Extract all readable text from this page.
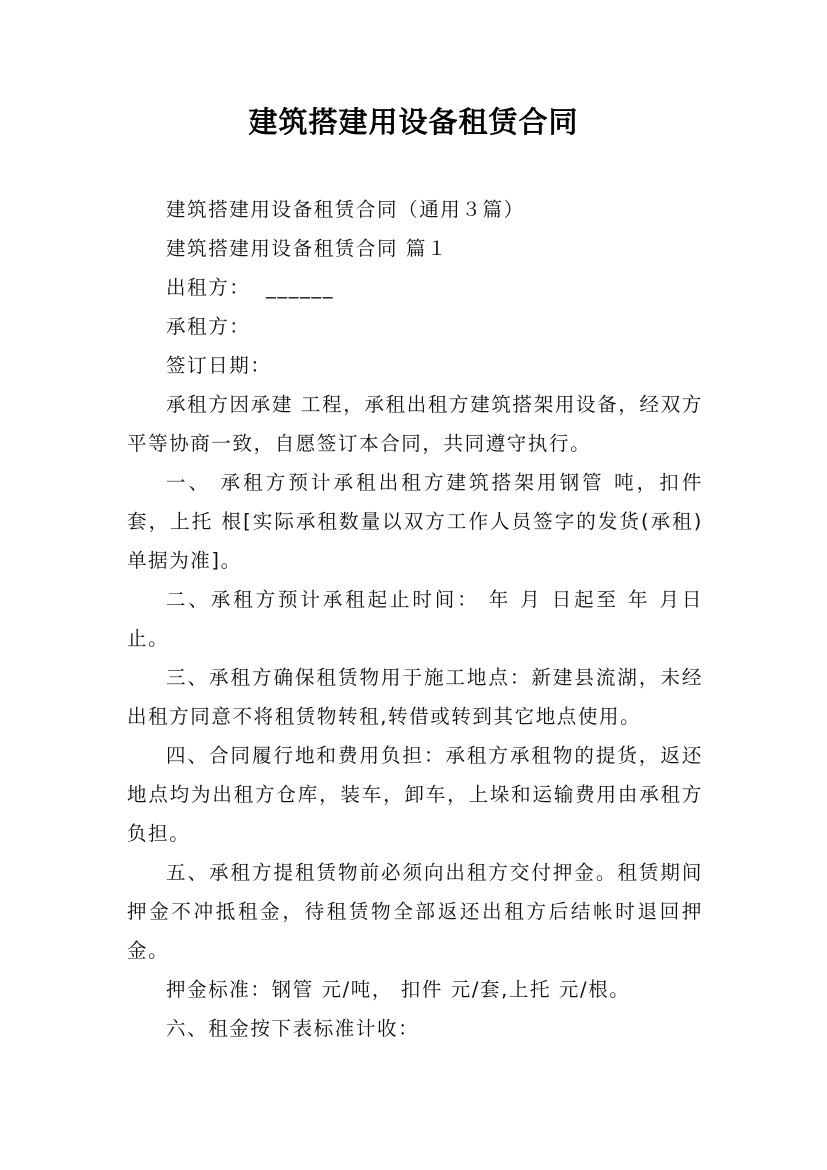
建筑搭建用设备租赁合同

建筑搭建用设备租赁合同（通用３篇）

建筑搭建用设备租赁合同 篇１

出租方： ______

承租方：

签订日期：

承租方因承建 工程，承租出租方建筑搭架用设备，经双方平等协商一致，自愿签订本合同，共同遵守执行。

一、 承租方预计承租出租方建筑搭架用钢管 吨，扣件套，上托 根[实际承租数量以双方工作人员签字的发货(承租)单据为准]。

二、承租方预计承租起止时间： 年 月 日起至 年 月日止。

三、承租方确保租赁物用于施工地点：新建县流湖，未经出租方同意不将租赁物转租,转借或转到其它地点使用。

四、合同履行地和费用负担：承租方承租物的提货，返还地点均为出租方仓库，装车，卸车，上垛和运输费用由承租方负担。

五、承租方提租赁物前必须向出租方交付押金。租赁期间押金不冲抵租金，待租赁物全部返还出租方后结帐时退回押金。

押金标准：钢管 元/吨， 扣件 元/套,上托 元/根。

六、租金按下表标准计收：
